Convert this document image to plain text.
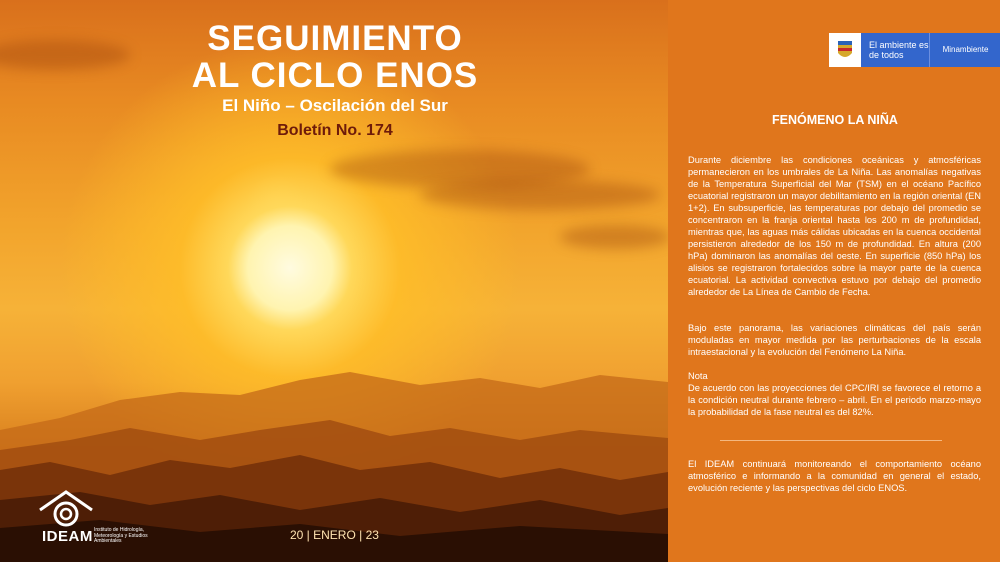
SEGUIMIENTO
AL CICLO ENOS
El Niño – Oscilación del Sur
Boletín No. 174
IDEAM Instituto de Hidrología, Meteorología y Estudios Ambientales	20 | ENERO | 23
El ambiente es de todos
Minambiente
FENÓMENO LA NIÑA
Durante diciembre las condiciones oceánicas y atmosféricas permanecieron en los umbrales de La Niña. Las anomalías negativas de la Temperatura Superficial del Mar (TSM) en el océano Pacífico ecuatorial registraron un mayor debilitamiento en la región oriental (EN 1+2). En subsuperficie, las temperaturas por debajo del promedio se concentraron en la franja oriental hasta los 200 m de profundidad, mientras que, las aguas más cálidas ubicadas en la cuenca occidental persistieron alrededor de los 150 m de profundidad. En altura (200 hPa) dominaron las anomalías del oeste. En superficie (850 hPa) los alisios se registraron fortalecidos sobre la mayor parte de la cuenca ecuatorial. La actividad convectiva estuvo por debajo del promedio alrededor de La Línea de Cambio de Fecha.
Bajo este panorama, las variaciones climáticas del país serán moduladas en mayor medida por las perturbaciones de la escala intraestacional y la evolución del Fenómeno La Niña.
Nota
De acuerdo con las proyecciones del CPC/IRI se favorece el retorno a la condición neutral durante febrero – abril. En el periodo marzo-mayo la probabilidad de la fase neutral es del 82%.
El IDEAM continuará monitoreando el comportamiento océano atmosférico e informando a la comunidad en general el estado, evolución reciente y las perspectivas del ciclo ENOS.
